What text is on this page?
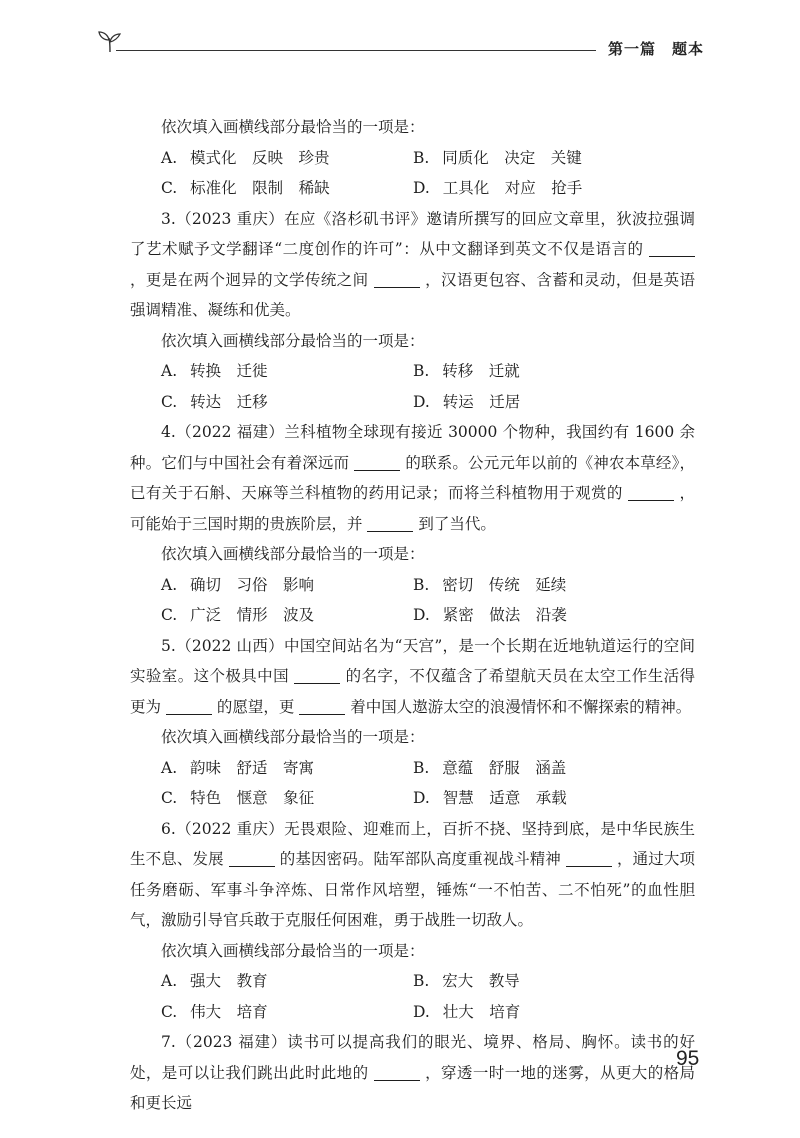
第一篇　题本

依次填入画横线部分最恰当的一项是：

A. 模式化　反映　珍贵	B. 同质化　决定　关键
C. 标准化　限制　稀缺	D. 工具化　对应　抢手

3.（2023 重庆）在应《洛杉矶书评》邀请所撰写的回应文章里，狄波拉强调了艺术赋予文学翻译“二度创作的许可”：从中文翻译到英文不仅是语言的  ，更是在两个迥异的文学传统之间	，汉语更包容、含蓄和灵动，但是英语强调精准、凝练和优美。

依次填入画横线部分最恰当的一项是：

A. 转换　迁徙	B. 转移　迁就
C. 转达　迁移	D. 转运　迁居

4.（2022 福建）兰科植物全球现有接近 30000 个物种，我国约有 1600 余种。它们与中国社会有着深远而	的联系。公元元年以前的《神农本草经》，已有关于石斛、天麻等兰科植物的药用记录；而将兰科植物用于观赏的	，可能始于三国时期的贵族阶层，并	到了当代。

依次填入画横线部分最恰当的一项是：

A. 确切　习俗　影响	B. 密切　传统　延续
C. 广泛　情形　波及	D. 紧密　做法　沿袭

5.（2022 山西）中国空间站名为“天宫”，是一个长期在近地轨道运行的空间实验室。这个极具中国	的名字，不仅蕴含了希望航天员在太空工作生活得更为	的愿望，更	着中国人遨游太空的浪漫情怀和不懈探索的精神。

依次填入画横线部分最恰当的一项是：

A. 韵味　舒适　寄寓	B. 意蕴　舒服　涵盖
C. 特色　惬意　象征	D. 智慧　适意　承载

6.（2022 重庆）无畏艰险、迎难而上，百折不挠、坚持到底，是中华民族生生不息、发展	的基因密码。陆军部队高度重视战斗精神	，通过大项任务磨砺、军事斗争淬炼、日常作风培塑，锤炼“一不怕苦、二不怕死”的血性胆气，激励引导官兵敢于克服任何困难，勇于战胜一切敌人。

依次填入画横线部分最恰当的一项是：

A. 强大　教育	B. 宏大　教导
C. 伟大　培育	D. 壮大　培育

7.（2023 福建）读书可以提高我们的眼光、境界、格局、胸怀。读书的好处，是可以让我们跳出此时此地的	，穿透一时一地的迷雾，从更大的格局和更长远

95
